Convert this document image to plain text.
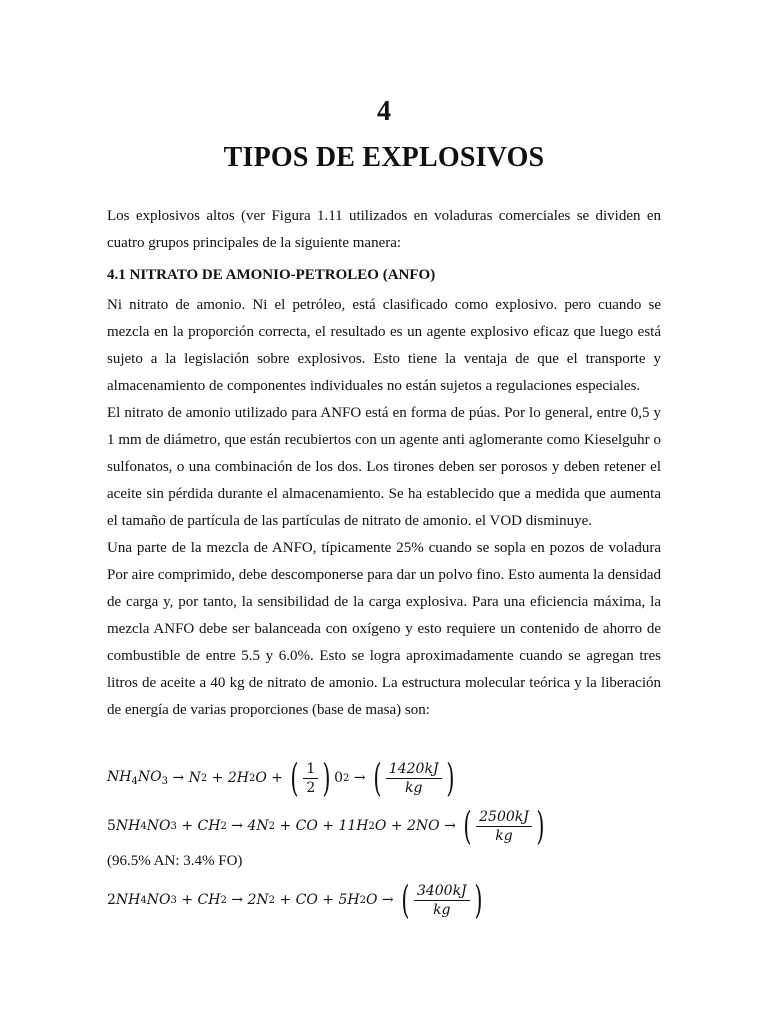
4
TIPOS DE EXPLOSIVOS

Los explosivos altos (ver Figura 1.11 utilizados en voladuras comerciales se dividen en cuatro grupos principales de la siguiente manera:

4.1 NITRATO DE AMONIO-PETROLEO (ANFO)

Ni nitrato de amonio. Ni el petróleo, está clasificado como explosivo. pero cuando se mezcla en la proporción correcta, el resultado es un agente explosivo eficaz que luego está sujeto a la legislación sobre explosivos. Esto tiene la ventaja de que el transporte y almacenamiento de componentes individuales no están sujetos a regulaciones especiales.

El nitrato de amonio utilizado para ANFO está en forma de púas. Por lo general, entre 0,5 y 1 mm de diámetro, que están recubiertos con un agente anti aglomerante como Kieselguhr o sulfonatos, o una combinación de los dos. Los tirones deben ser porosos y deben retener el aceite sin pérdida durante el almacenamiento. Se ha establecido que a medida que aumenta el tamaño de partícula de las partículas de nitrato de amonio. el VOD disminuye.

Una parte de la mezcla de ANFO, típicamente 25% cuando se sopla en pozos de voladura Por aire comprimido, debe descomponerse para dar un polvo fino. Esto aumenta la densidad de carga y, por tanto, la sensibilidad de la carga explosiva. Para una eficiencia máxima, la mezcla ANFO debe ser balanceada con oxígeno y esto requiere un contenido de ahorro de combustible de entre 5.5 y 6.0%. Esto se logra aproximadamente cuando se agregan tres litros de aceite a 40 kg de nitrato de amonio. La estructura molecular teórica y la liberación de energía de varias proporciones (base de masa) son:

$NH_4NO_3$
→
N 2
+
2H 2 O
+
( $\frac{1}{2}$ ) 0 2
→
( $\frac{1420kJ}{kg}$ )
5 NH 4 NO 3
+
CH 2
→
4N 2
+
CO
+
11H 2 O
+
2NO
→
( $\frac{2500kJ}{kg}$ )

(96.5% AN: 3.4% FO)

2 NH 4 NO 3
+
CH 2
→
2N 2
+
CO
+
5H 2 O
→
( $\frac{3400kJ}{kg}$ )
